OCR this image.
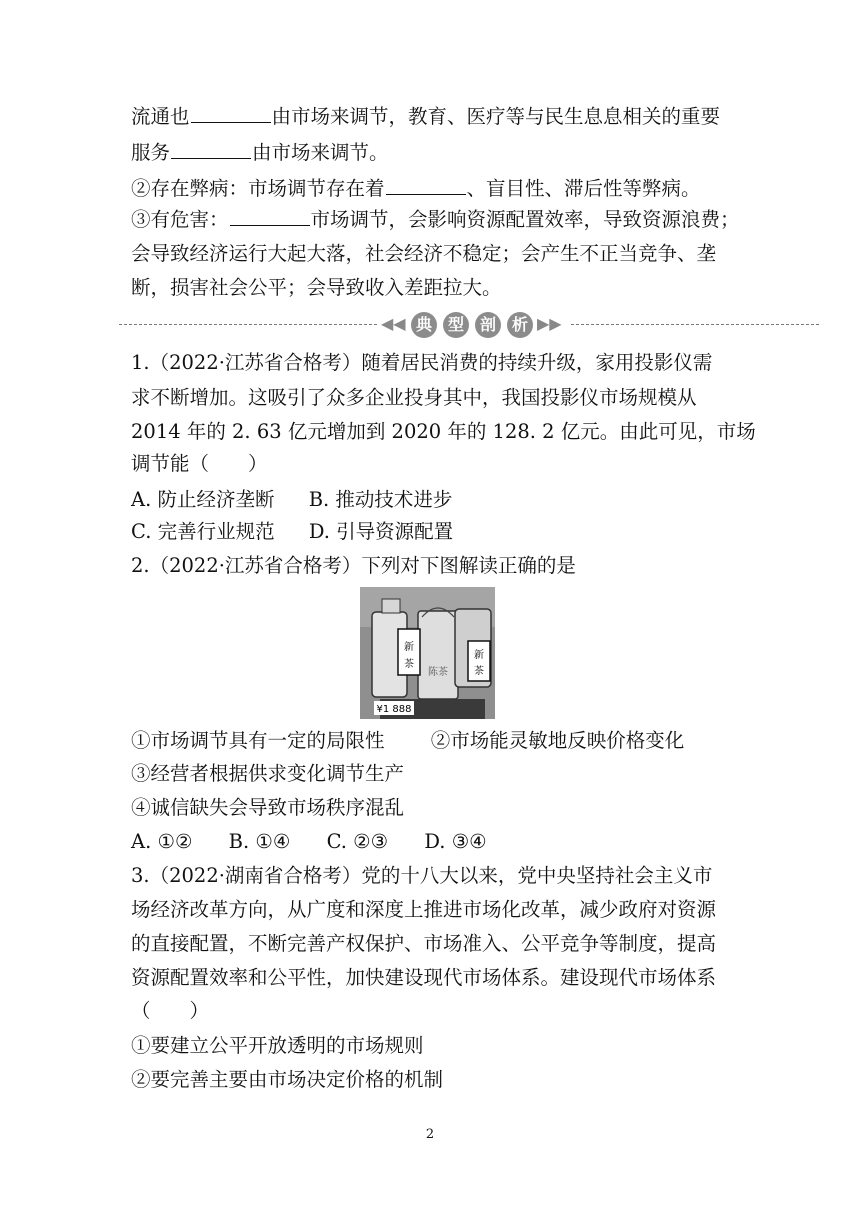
流通也	由市场来调节，教育、医疗等与民生息息相关的重要
服务	由市场来调节。
②存在弊病：市场调节存在着	、盲目性、滞后性等弊病。
③有危害：	市场调节，会影响资源配置效率，导致资源浪费；
会导致经济运行大起大落，社会经济不稳定；会产生不正当竞争、垄
断，损害社会公平；会导致收入差距拉大。
◀◀ 典 型 剖 析 ▶▶
1.（2022·江苏省合格考）随着居民消费的持续升级，家用投影仪需
求不断增加。这吸引了众多企业投身其中，我国投影仪市场规模从
2014 年的 2. 63 亿元增加到 2020 年的 128. 2 亿元。由此可见，市场
调节能（　　）
A. 防止经济垄断 B. 推动技术进步
C. 完善行业规范 D. 引导资源配置
2.（2022·江苏省合格考）下列对下图解读正确的是
新
茶
陈茶
新
茶
¥1 888
①市场调节具有一定的局限性 ②市场能灵敏地反映价格变化
③经营者根据供求变化调节生产
④诚信缺失会导致市场秩序混乱
A. ①② B. ①④ C. ②③ D. ③④
3.（2022·湖南省合格考）党的十八大以来，党中央坚持社会主义市
场经济改革方向，从广度和深度上推进市场化改革，减少政府对资源
的直接配置，不断完善产权保护、市场准入、公平竞争等制度，提高
资源配置效率和公平性，加快建设现代市场体系。建设现代市场体系
（　　）
①要建立公平开放透明的市场规则
②要完善主要由市场决定价格的机制
2
